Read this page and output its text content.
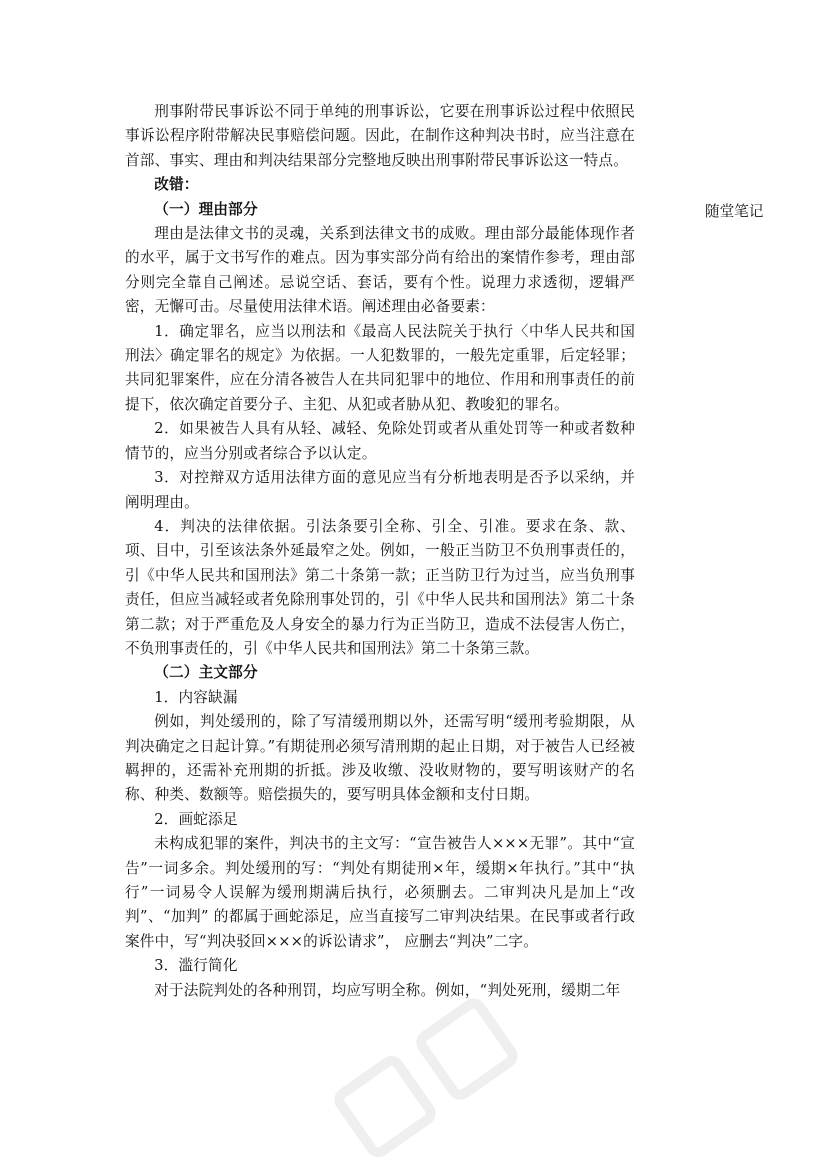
刑事附带民事诉讼不同于单纯的刑事诉讼，它要在刑事诉讼过程中依照民事诉讼程序附带解决民事赔偿问题。因此，在制作这种判决书时，应当注意在首部、事实、理由和判决结果部分完整地反映出刑事附带民事诉讼这一特点。

改错：

（一）理由部分

理由是法律文书的灵魂，关系到法律文书的成败。理由部分最能体现作者的水平，属于文书写作的难点。因为事实部分尚有给出的案情作参考，理由部分则完全靠自己阐述。忌说空话、套话，要有个性。说理力求透彻，逻辑严密，无懈可击。尽量使用法律术语。阐述理由必备要素：

1．确定罪名，应当以刑法和《最高人民法院关于执行〈中华人民共和国刑法〉确定罪名的规定》为依据。一人犯数罪的，一般先定重罪，后定轻罪；共同犯罪案件，应在分清各被告人在共同犯罪中的地位、作用和刑事责任的前提下，依次确定首要分子、主犯、从犯或者胁从犯、教唆犯的罪名。

2．如果被告人具有从轻、减轻、免除处罚或者从重处罚等一种或者数种情节的，应当分别或者综合予以认定。

3．对控辩双方适用法律方面的意见应当有分析地表明是否予以采纳，并阐明理由。

4．判决的法律依据。引法条要引全称、引全、引准。要求在条、款、项、目中，引至该法条外延最窄之处。例如，一般正当防卫不负刑事责任的，引《中华人民共和国刑法》第二十条第一款；正当防卫行为过当，应当负刑事责任，但应当减轻或者免除刑事处罚的，引《中华人民共和国刑法》第二十条第二款；对于严重危及人身安全的暴力行为正当防卫，造成不法侵害人伤亡，不负刑事责任的，引《中华人民共和国刑法》第二十条第三款。

（二）主文部分

1．内容缺漏

例如，判处缓刑的，除了写清缓刑期以外，还需写明“缓刑考验期限，从判决确定之日起计算。”有期徒刑必须写清刑期的起止日期，对于被告人已经被羁押的，还需补充刑期的折抵。涉及收缴、没收财物的，要写明该财产的名称、种类、数额等。赔偿损失的，要写明具体金额和支付日期。

2．画蛇添足

未构成犯罪的案件，判决书的主文写：“宣告被告人×××无罪”。其中“宣告”一词多余。判处缓刑的写：“判处有期徒刑×年，缓期×年执行。”其中“执行”一词易令人误解为缓刑期满后执行，必须删去。二审判决凡是加上“改判”、“加判” 的都属于画蛇添足，应当直接写二审判决结果。在民事或者行政案件中，写“判决驳回×××的诉讼请求”， 应删去“判决”二字。

3．滥行简化

对于法院判处的各种刑罚，均应写明全称。例如，“判处死刑，缓期二年

随堂笔记
